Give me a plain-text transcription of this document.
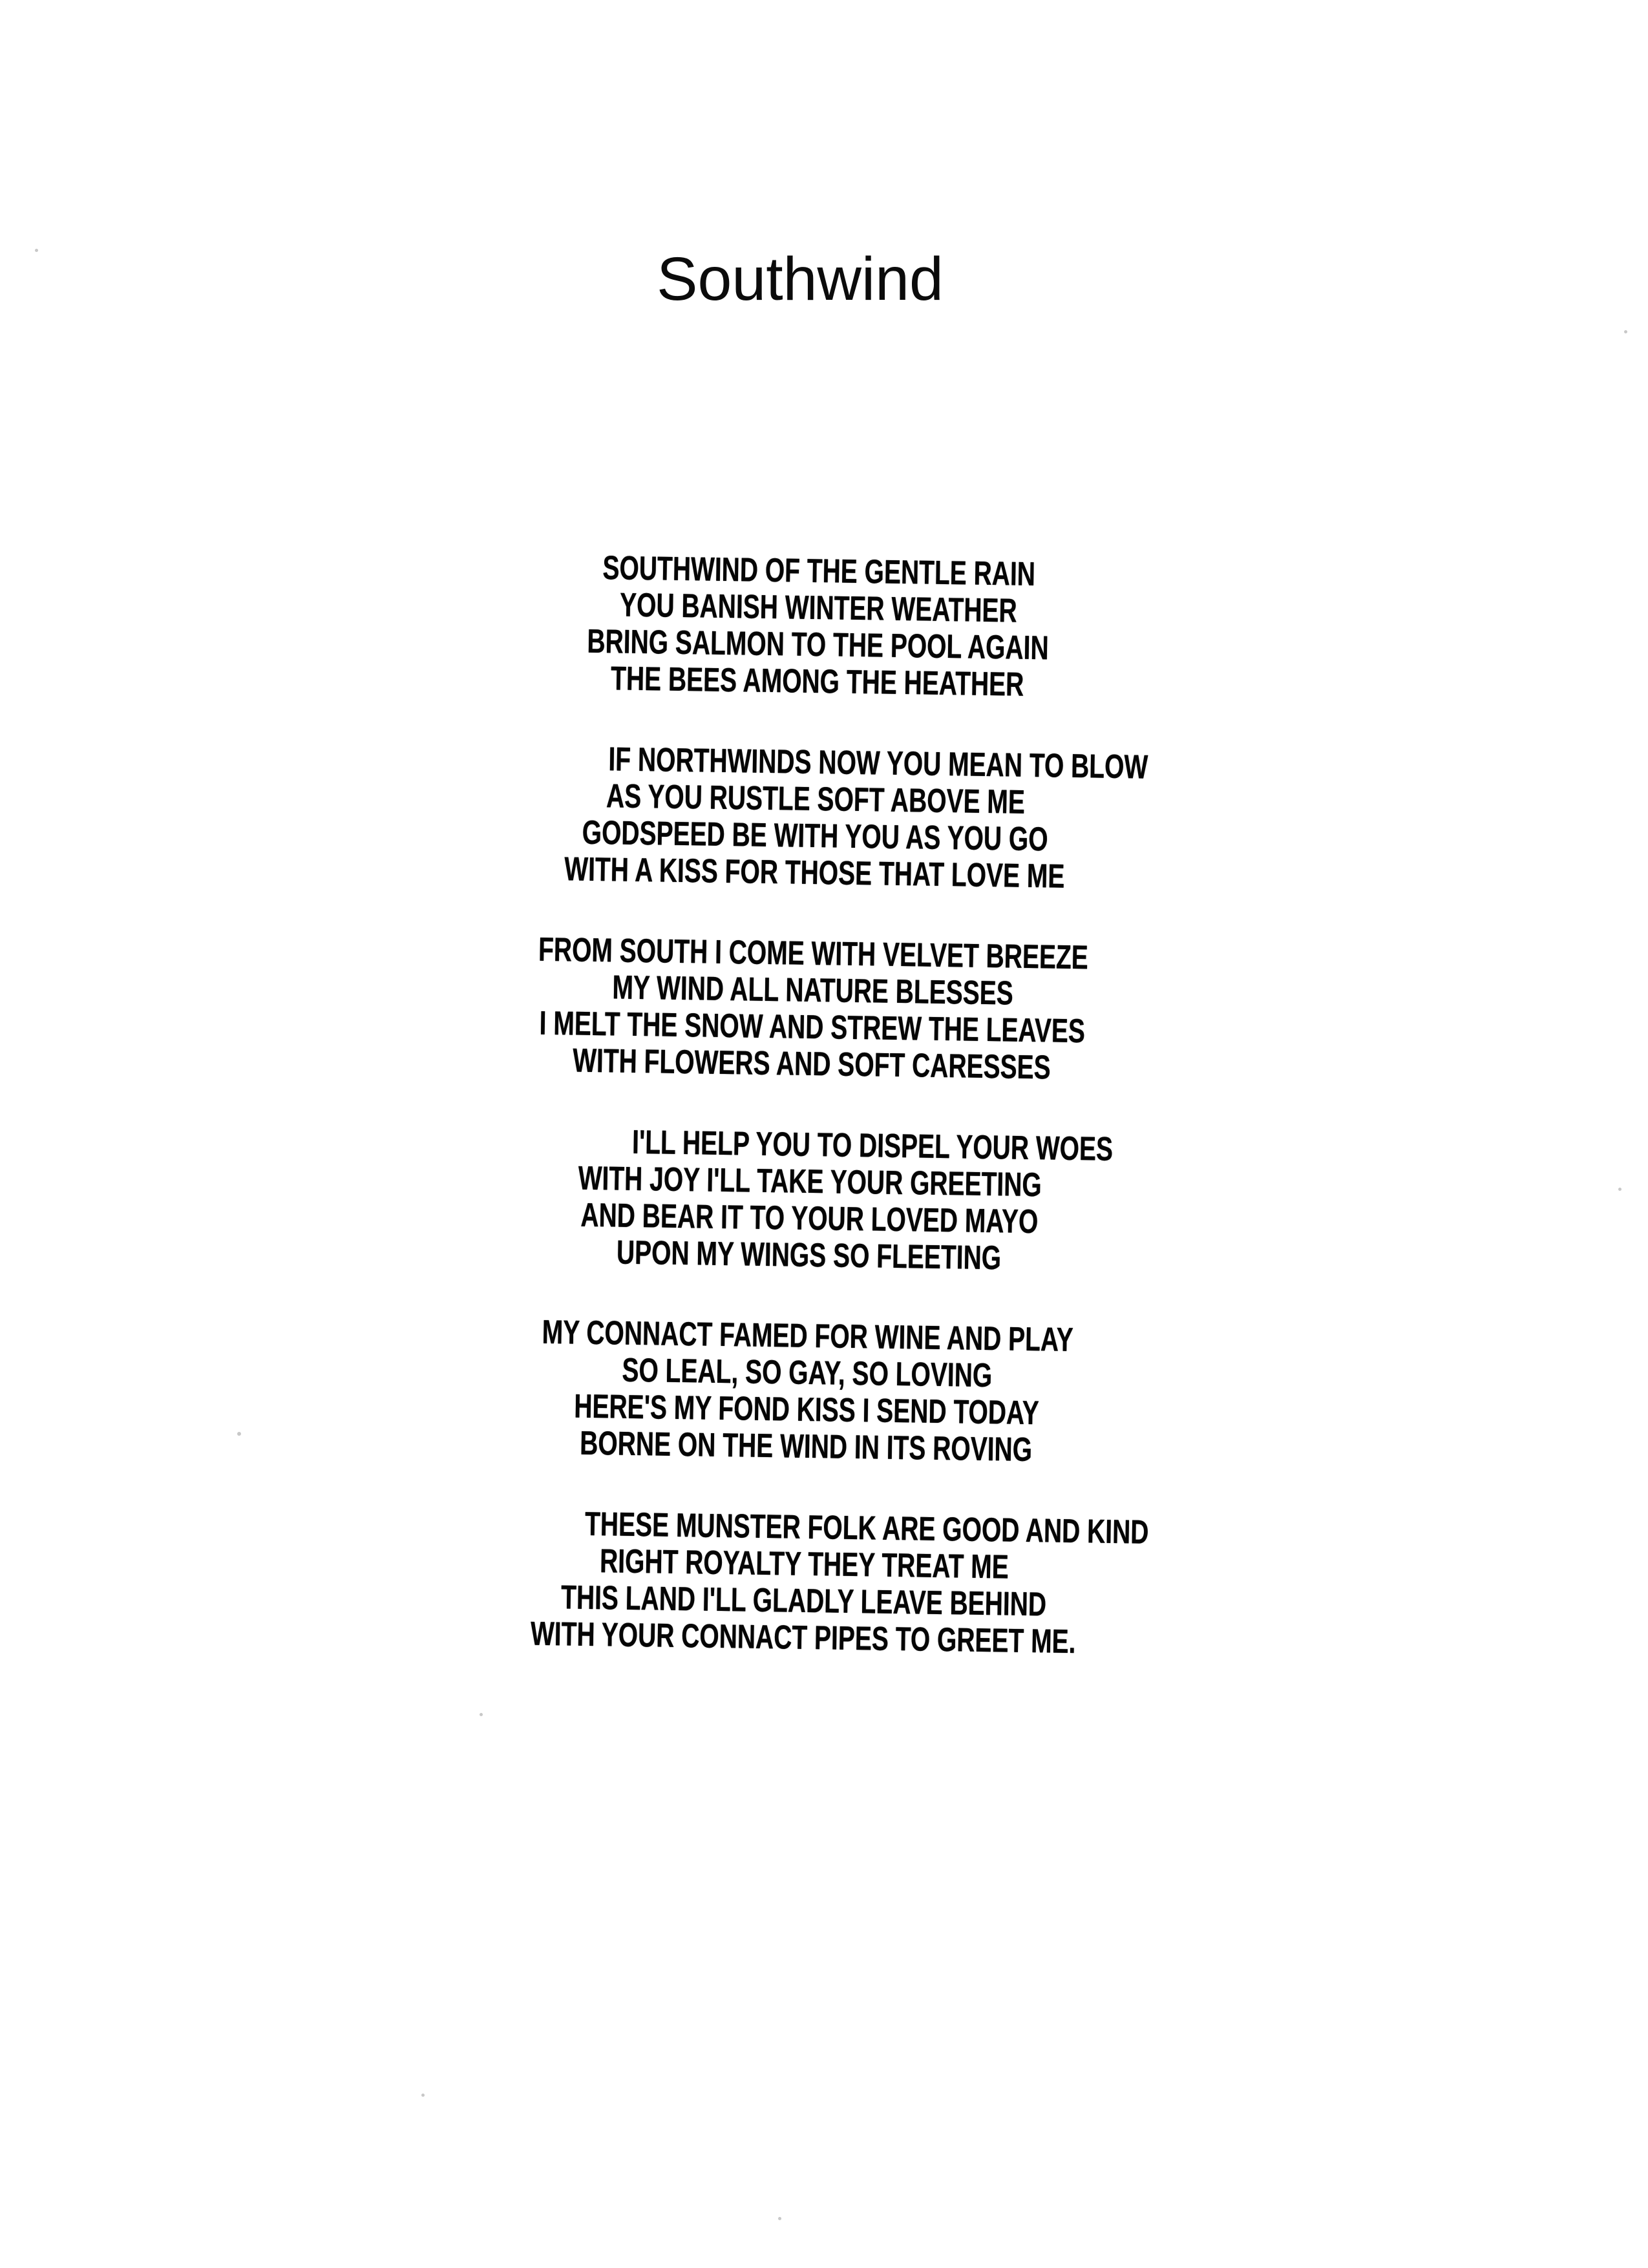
Southwind
SOUTHWIND OF THE GENTLE RAIN
YOU BANISH WINTER WEATHER
BRING SALMON TO THE POOL AGAIN
THE BEES AMONG THE HEATHER
IF NORTHWINDS NOW YOU MEAN TO BLOW
AS YOU RUSTLE SOFT ABOVE ME
GODSPEED BE WITH YOU AS YOU GO
WITH A KISS FOR THOSE THAT LOVE ME
FROM SOUTH I COME WITH VELVET BREEZE
MY WIND ALL NATURE BLESSES
I MELT THE SNOW AND STREW THE LEAVES
WITH FLOWERS AND SOFT CARESSES
I'LL HELP YOU TO DISPEL YOUR WOES
WITH JOY I'LL TAKE YOUR GREETING
AND BEAR IT TO YOUR LOVED MAYO
UPON MY WINGS SO FLEETING
MY CONNACT FAMED FOR WINE AND PLAY
SO LEAL, SO GAY, SO LOVING
HERE'S MY FOND KISS I SEND TODAY
BORNE ON THE WIND IN ITS ROVING
THESE MUNSTER FOLK ARE GOOD AND KIND
RIGHT ROYALTY THEY TREAT ME
THIS LAND I'LL GLADLY LEAVE BEHIND
WITH YOUR CONNACT PIPES TO GREET ME.
